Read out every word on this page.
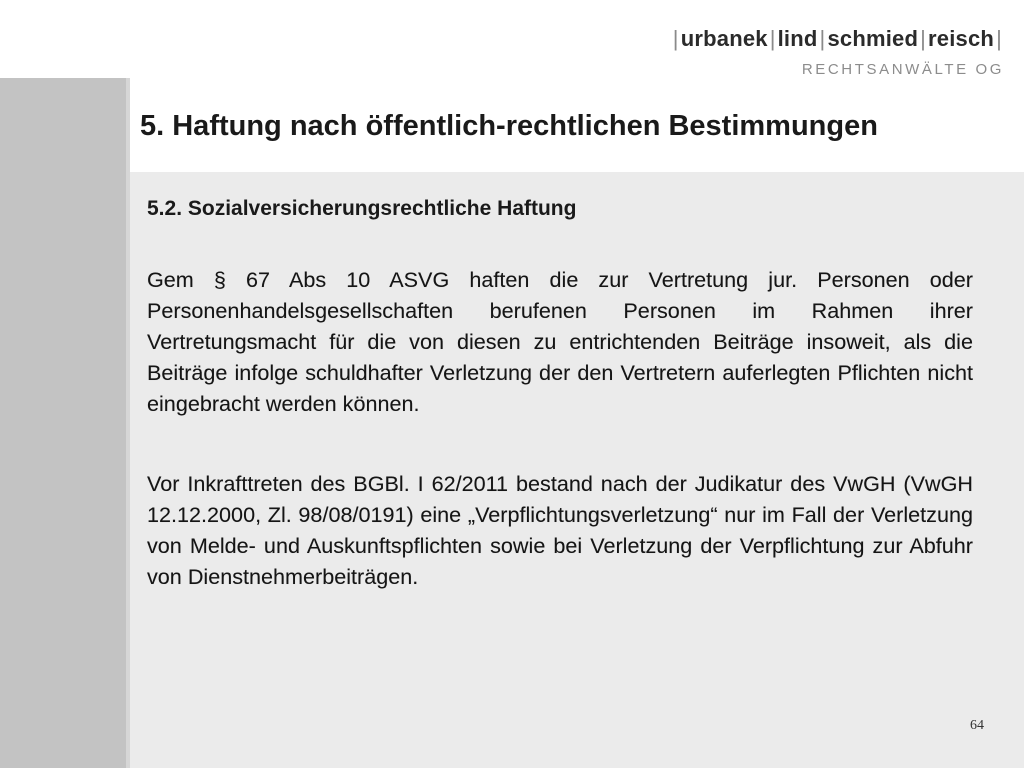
|urbanek|lind|schmied|reisch|
RECHTSANWÄLTE OG
5. Haftung nach öffentlich-rechtlichen Bestimmungen
5.2. Sozialversicherungsrechtliche Haftung

Gem § 67 Abs 10 ASVG haften die zur Vertretung jur. Personen oder Personenhandelsgesellschaften berufenen Personen im Rahmen ihrer Vertretungsmacht für die von diesen zu entrichtenden Beiträge insoweit, als die Beiträge infolge schuldhafter Verletzung der den Vertretern auferlegten Pflichten nicht eingebracht werden können.

Vor Inkrafttreten des BGBl. I 62/2011 bestand nach der Judikatur des VwGH (VwGH 12.12.2000, Zl. 98/08/0191) eine „Verpflichtungsverletzung“ nur im Fall der Verletzung von Melde- und Auskunftspflichten sowie bei Verletzung der Verpflichtung zur Abfuhr von Dienstnehmerbeiträgen.

64
